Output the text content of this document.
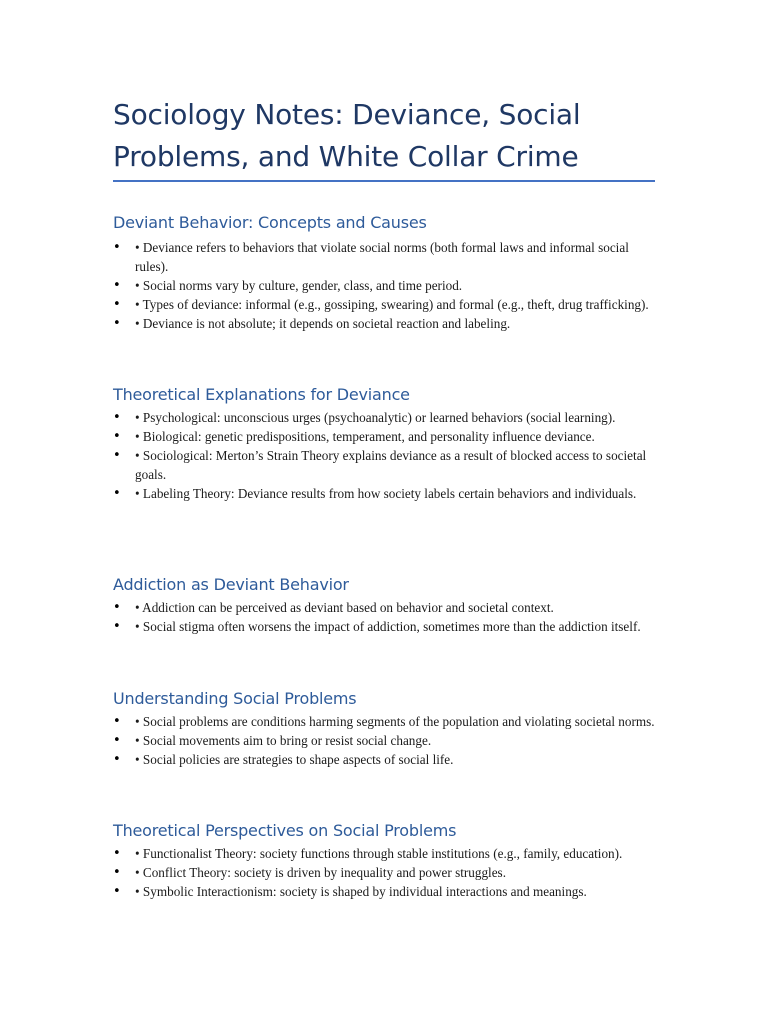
Sociology Notes: Deviance, Social Problems, and White Collar Crime
Deviant Behavior: Concepts and Causes
• • Deviance refers to behaviors that violate social norms (both formal laws and informal social rules).
• • Social norms vary by culture, gender, class, and time period.
• • Types of deviance: informal (e.g., gossiping, swearing) and formal (e.g., theft, drug trafficking).
• • Deviance is not absolute; it depends on societal reaction and labeling.
Theoretical Explanations for Deviance
• • Psychological: unconscious urges (psychoanalytic) or learned behaviors (social learning).
• • Biological: genetic predispositions, temperament, and personality influence deviance.
• • Sociological: Merton’s Strain Theory explains deviance as a result of blocked access to societal goals.
• • Labeling Theory: Deviance results from how society labels certain behaviors and individuals.
Addiction as Deviant Behavior
• • Addiction can be perceived as deviant based on behavior and societal context.
• • Social stigma often worsens the impact of addiction, sometimes more than the addiction itself.
Understanding Social Problems
• • Social problems are conditions harming segments of the population and violating societal norms.
• • Social movements aim to bring or resist social change.
• • Social policies are strategies to shape aspects of social life.
Theoretical Perspectives on Social Problems
• • Functionalist Theory: society functions through stable institutions (e.g., family, education).
• • Conflict Theory: society is driven by inequality and power struggles.
• • Symbolic Interactionism: society is shaped by individual interactions and meanings.
